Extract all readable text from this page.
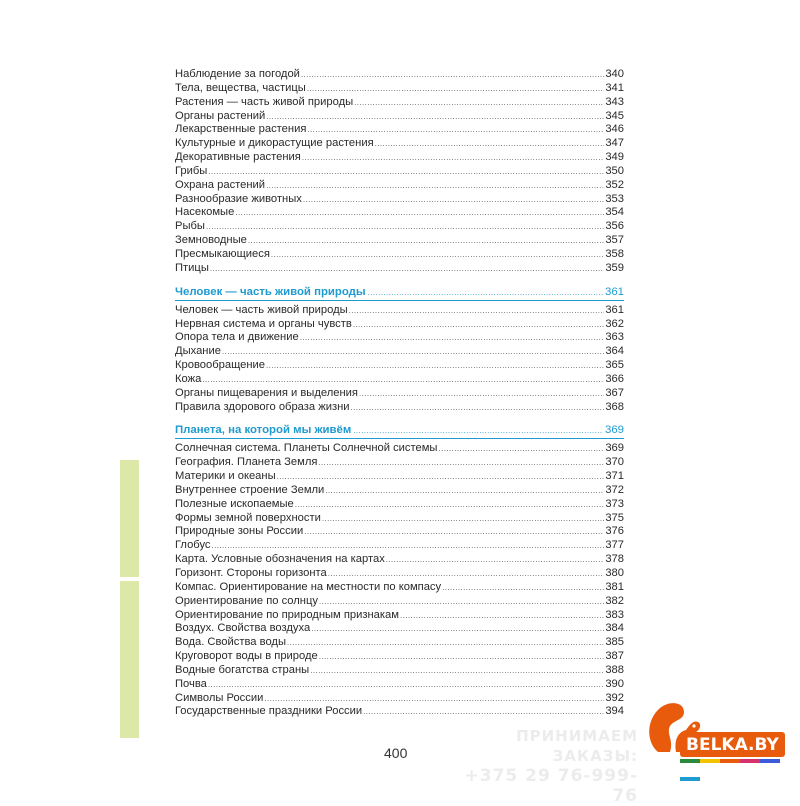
Наблюдение за погодой .....	340
Тела, вещества, частицы .....	341
Растения — часть живой природы .....	343
Органы растений .....	345
Лекарственные растения .....	346
Культурные и дикорастущие растения .....	347
Декоративные растения .....	349
Грибы .....	350
Охрана растений .....	352
Разнообразие животных .....	353
Насекомые .....	354
Рыбы .....	356
Земноводные .....	357
Пресмыкающиеся .....	358
Птицы .....	359
Человек — часть живой природы .....	361
Человек — часть живой природы .....	361
Нервная система и органы чувств .....	362
Опора тела и движение .....	363
Дыхание .....	364
Кровообращение .....	365
Кожа .....	366
Органы пищеварения и выделения .....	367
Правила здорового образа жизни .....	368
Планета, на которой мы живём .....	369
Солнечная система. Планеты Солнечной системы .....	369
География. Планета Земля .....	370
Материки и океаны .....	371
Внутреннее строение Земли .....	372
Полезные ископаемые .....	373
Формы земной поверхности .....	375
Природные зоны России .....	376
Глобус .....	377
Карта. Условные обозначения на картах .....	378
Горизонт. Стороны горизонта .....	380
Компас. Ориентирование на местности по компасу .....	381
Ориентирование по солнцу .....	382
Ориентирование по природным признакам .....	383
Воздух. Свойства воздуха .....	384
Вода. Свойства воды .....	385
Круговорот воды в природе .....	387
Водные богатства страны .....	388
Почва .....	390
Символы России .....	392
Государственные праздники России .....	394
400
ПРИНИМАЕМ ЗАКАЗЫ:
+375 29 76-999-76
BELKA.BY
